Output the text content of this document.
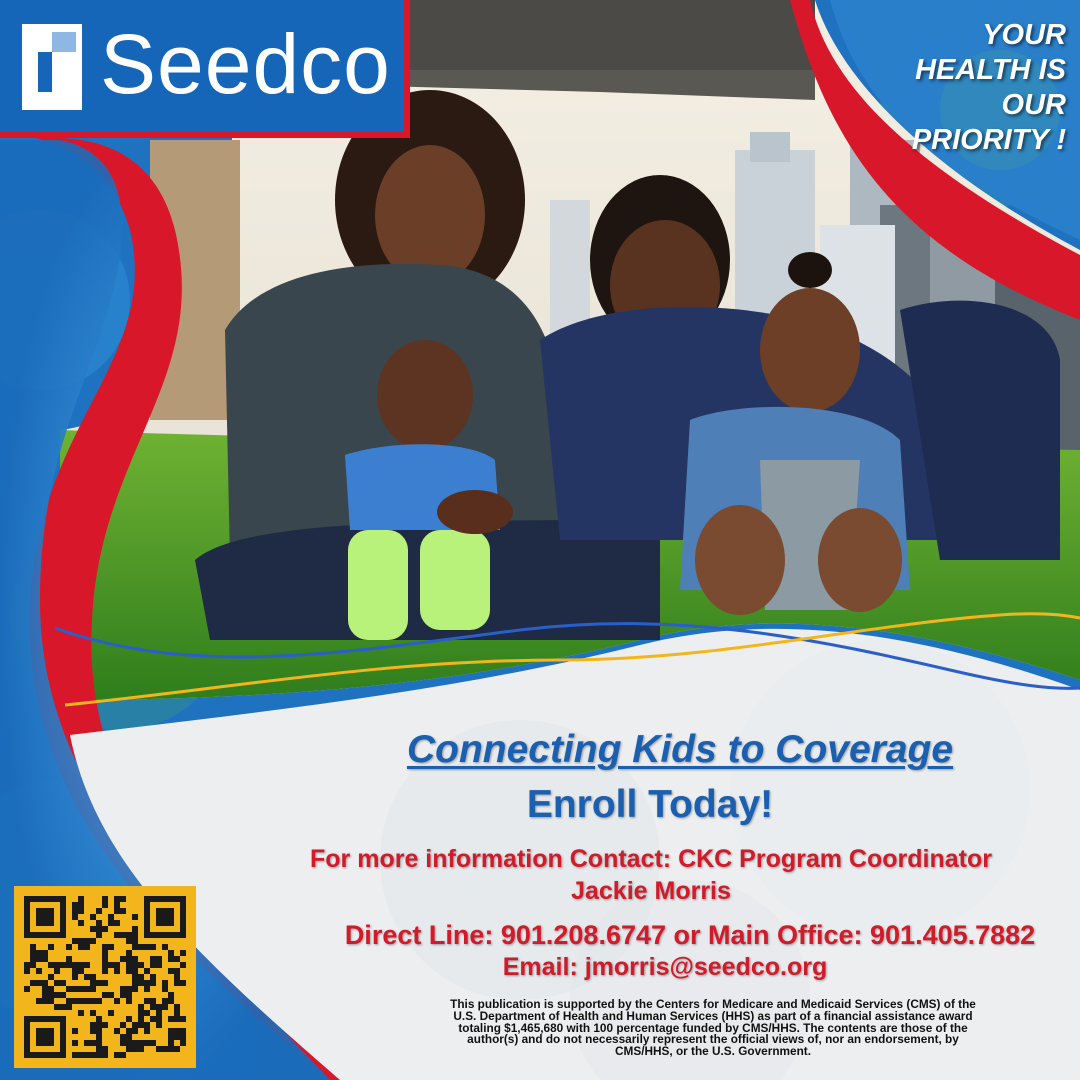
Seedco	YOUR
HEALTH IS
OUR
PRIORITY !
Connecting Kids to Coverage
Enroll Today!
For more information Contact: CKC Program Coordinator
Jackie Morris
Direct Line: 901.208.6747 or Main Office: 901.405.7882
Email: jmorris@seedco.org
This publication is supported by the Centers for Medicare and Medicaid Services (CMS) of the
U.S. Department of Health and Human Services (HHS) as part of a financial assistance award
totaling $1,465,680 with 100 percentage funded by CMS/HHS. The contents are those of the
author(s) and do not necessarily represent the official views of, nor an endorsement, by
CMS/HHS, or the U.S. Government.
